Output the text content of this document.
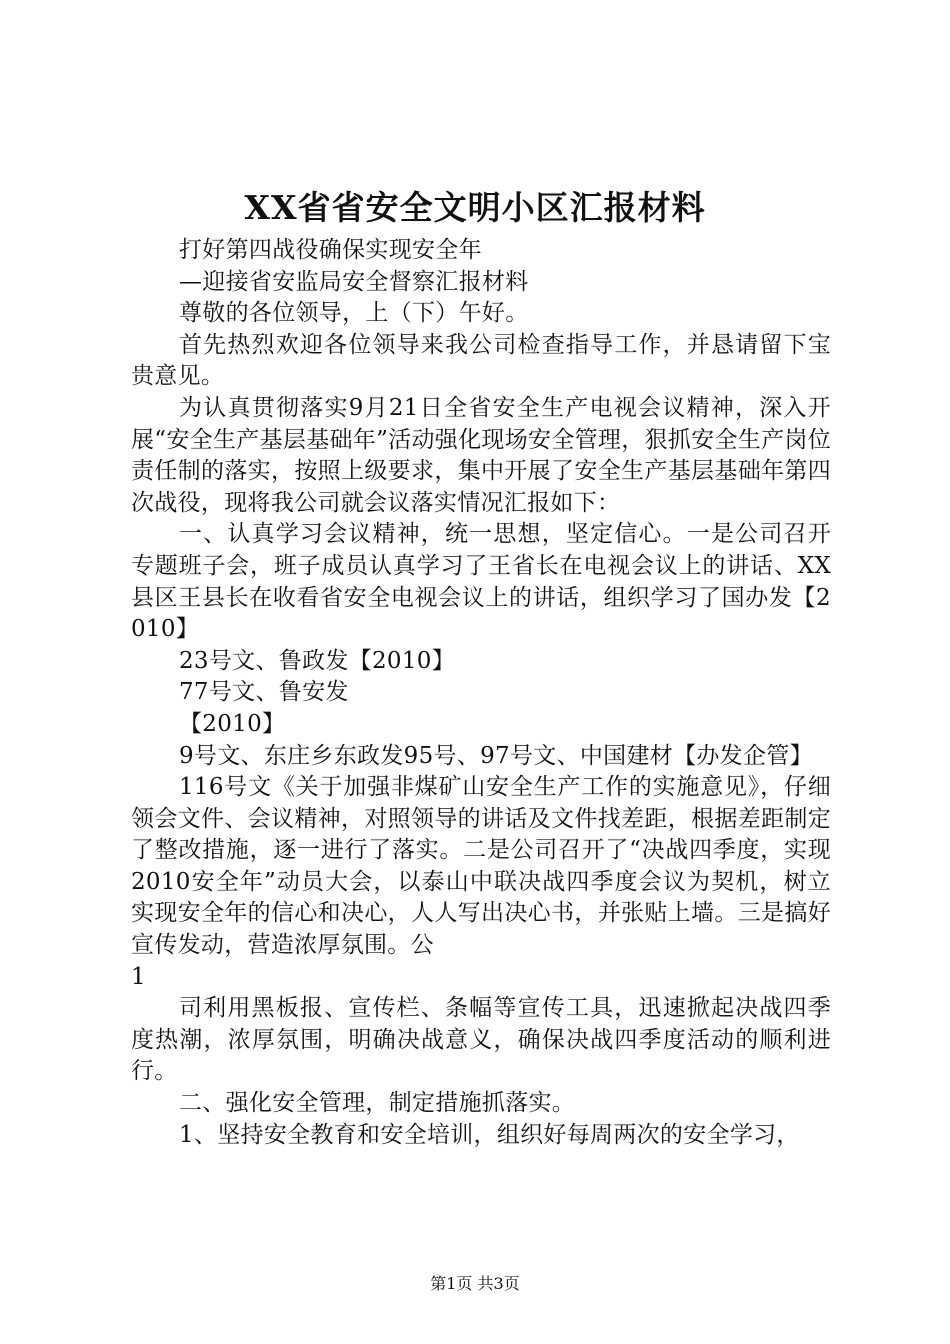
XX省省安全文明小区汇报材料

打好第四战役确保实现安全年

—迎接省安监局安全督察汇报材料

尊敬的各位领导，上（下）午好。

首先热烈欢迎各位领导来我公司检查指导工作，并恳请留下宝贵意见。

为认真贯彻落实9月21日全省安全生产电视会议精神，深入开展“安全生产基层基础年”活动强化现场安全管理，狠抓安全生产岗位责任制的落实，按照上级要求，集中开展了安全生产基层基础年第四次战役，现将我公司就会议落实情况汇报如下：

一、认真学习会议精神，统一思想，坚定信心。一是公司召开专题班子会，班子成员认真学习了王省长在电视会议上的讲话、XX县区王县长在收看省安全电视会议上的讲话，组织学习了国办发【2010】

23号文、鲁政发【2010】

77号文、鲁安发

【2010】

9号文、东庄乡东政发95号、97号文、中国建材【办发企管】

116号文《关于加强非煤矿山安全生产工作的实施意见》，仔细领会文件、会议精神，对照领导的讲话及文件找差距，根据差距制定了整改措施，逐一进行了落实。二是公司召开了“决战四季度，实现2010安全年”动员大会，以泰山中联决战四季度会议为契机，树立实现安全年的信心和决心，人人写出决心书，并张贴上墙。三是搞好宣传发动，营造浓厚氛围。公

1

司利用黑板报、宣传栏、条幅等宣传工具，迅速掀起决战四季度热潮，浓厚氛围，明确决战意义，确保决战四季度活动的顺利进行。

二、强化安全管理，制定措施抓落实。

1、坚持安全教育和安全培训，组织好每周两次的安全学习，

第1页 共3页
